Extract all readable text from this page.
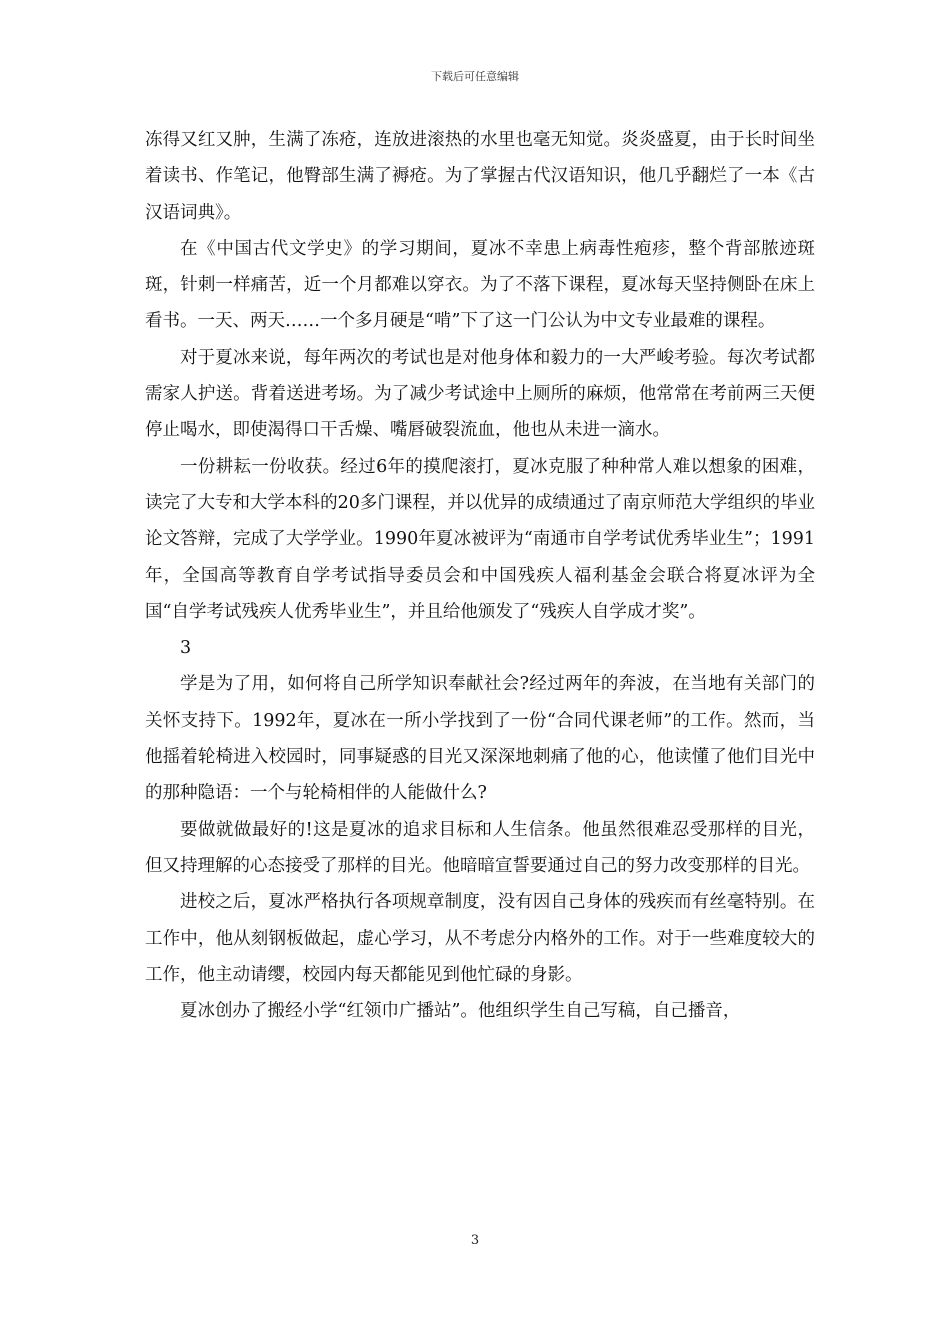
下载后可任意编辑

冻得又红又肿，生满了冻疮，连放进滚热的水里也毫无知觉。炎炎盛夏，由于长时间坐着读书、作笔记，他臀部生满了褥疮。为了掌握古代汉语知识，他几乎翻烂了一本《古汉语词典》。

在《中国古代文学史》的学习期间，夏冰不幸患上病毒性疱疹，整个背部脓迹斑斑，针刺一样痛苦，近一个月都难以穿衣。为了不落下课程，夏冰每天坚持侧卧在床上看书。一天、两天……一个多月硬是“啃”下了这一门公认为中文专业最难的课程。

对于夏冰来说，每年两次的考试也是对他身体和毅力的一大严峻考验。每次考试都需家人护送。背着送进考场。为了减少考试途中上厕所的麻烦，他常常在考前两三天便停止喝水，即使渴得口干舌燥、嘴唇破裂流血，他也从未进一滴水。

一份耕耘一份收获。经过6年的摸爬滚打，夏冰克服了种种常人难以想象的困难，读完了大专和大学本科的20多门课程，并以优异的成绩通过了南京师范大学组织的毕业论文答辩，完成了大学学业。1990年夏冰被评为“南通市自学考试优秀毕业生”；1991年，全国高等教育自学考试指导委员会和中国残疾人福利基金会联合将夏冰评为全国“自学考试残疾人优秀毕业生”，并且给他颁发了“残疾人自学成才奖”。

3

学是为了用，如何将自己所学知识奉献社会?经过两年的奔波，在当地有关部门的关怀支持下。1992年，夏冰在一所小学找到了一份“合同代课老师”的工作。然而，当他摇着轮椅进入校园时，同事疑惑的目光又深深地刺痛了他的心，他读懂了他们目光中的那种隐语：一个与轮椅相伴的人能做什么?

要做就做最好的!这是夏冰的追求目标和人生信条。他虽然很难忍受那样的目光，但又持理解的心态接受了那样的目光。他暗暗宣誓要通过自己的努力改变那样的目光。

进校之后，夏冰严格执行各项规章制度，没有因自己身体的残疾而有丝毫特别。在工作中，他从刻钢板做起，虚心学习，从不考虑分内格外的工作。对于一些难度较大的工作，他主动请缨，校园内每天都能见到他忙碌的身影。

夏冰创办了搬经小学“红领巾广播站”。他组织学生自己写稿，自己播音，

3
